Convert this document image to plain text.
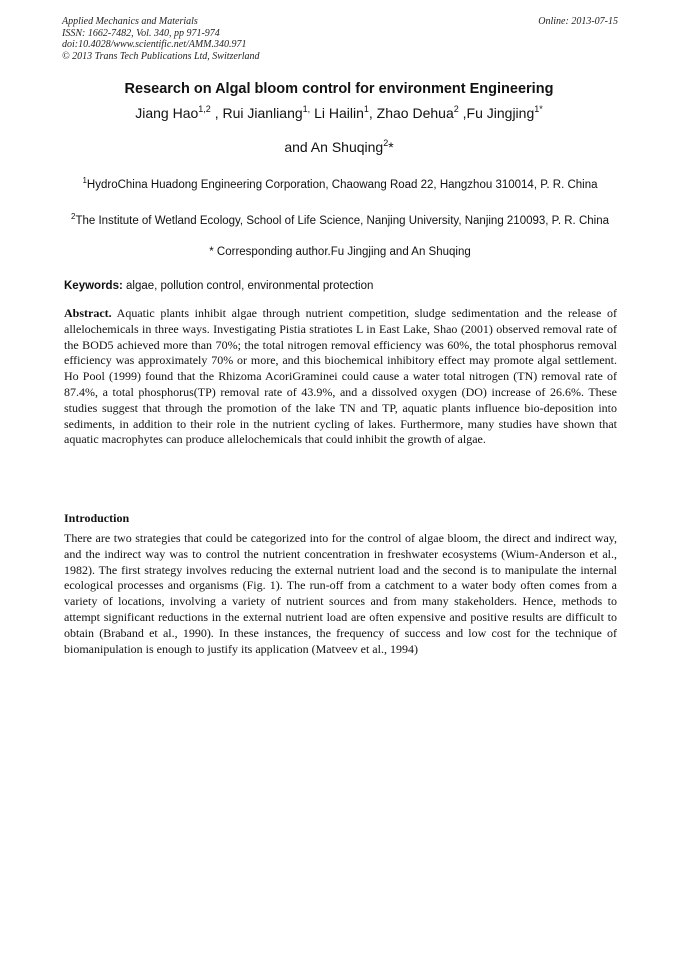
Applied Mechanics and Materials
ISSN: 1662-7482, Vol. 340, pp 971-974
doi:10.4028/www.scientific.net/AMM.340.971
© 2013 Trans Tech Publications Ltd, Switzerland
Online: 2013-07-15
Research on Algal bloom control for environment Engineering
Jiang Hao$^{1,2}$ , Rui Jianliang$^{1,}$ Li Hailin$^1$, Zhao Dehua$^2$ ,Fu Jingjing$^{1*}$
and An Shuqing$^2$*
$^1$HydroChina Huadong Engineering Corporation, Chaowang Road 22, Hangzhou 310014, P. R. China
$^2$The Institute of Wetland Ecology, School of Life Science, Nanjing University, Nanjing 210093, P. R. China
* Corresponding author.Fu Jingjing and An Shuqing
Keywords: algae, pollution control, environmental protection
Abstract. Aquatic plants inhibit algae through nutrient competition, sludge sedimentation and the release of allelochemicals in three ways. Investigating Pistia stratiotes L in East Lake, Shao (2001) observed removal rate of the BOD5 achieved more than 70%; the total nitrogen removal efficiency was 60%, the total phosphorus removal efficiency was approximately 70% or more, and this biochemical inhibitory effect may promote algal settlement. Ho Pool (1999) found that the Rhizoma AcoriGraminei could cause a water total nitrogen (TN) removal rate of 87.4%, a total phosphorus(TP) removal rate of 43.9%, and a dissolved oxygen (DO) increase of 26.6%. These studies suggest that through the promotion of the lake TN and TP, aquatic plants influence bio-deposition into sediments, in addition to their role in the nutrient cycling of lakes. Furthermore, many studies have shown that aquatic macrophytes can produce allelochemicals that could inhibit the growth of algae.
Introduction
There are two strategies that could be categorized into for the control of algae bloom, the direct and indirect way, and the indirect way was to control the nutrient concentration in freshwater ecosystems (Wium-Anderson et al., 1982). The first strategy involves reducing the external nutrient load and the second is to manipulate the internal ecological processes and organisms (Fig. 1). The run-off from a catchment to a water body often comes from a variety of locations, involving a variety of nutrient sources and from many stakeholders. Hence, methods to attempt significant reductions in the external nutrient load are often expensive and positive results are difficult to obtain (Braband et al., 1990). In these instances, the frequency of success and low cost for the technique of biomanipulation is enough to justify its application (Matveev et al., 1994)
